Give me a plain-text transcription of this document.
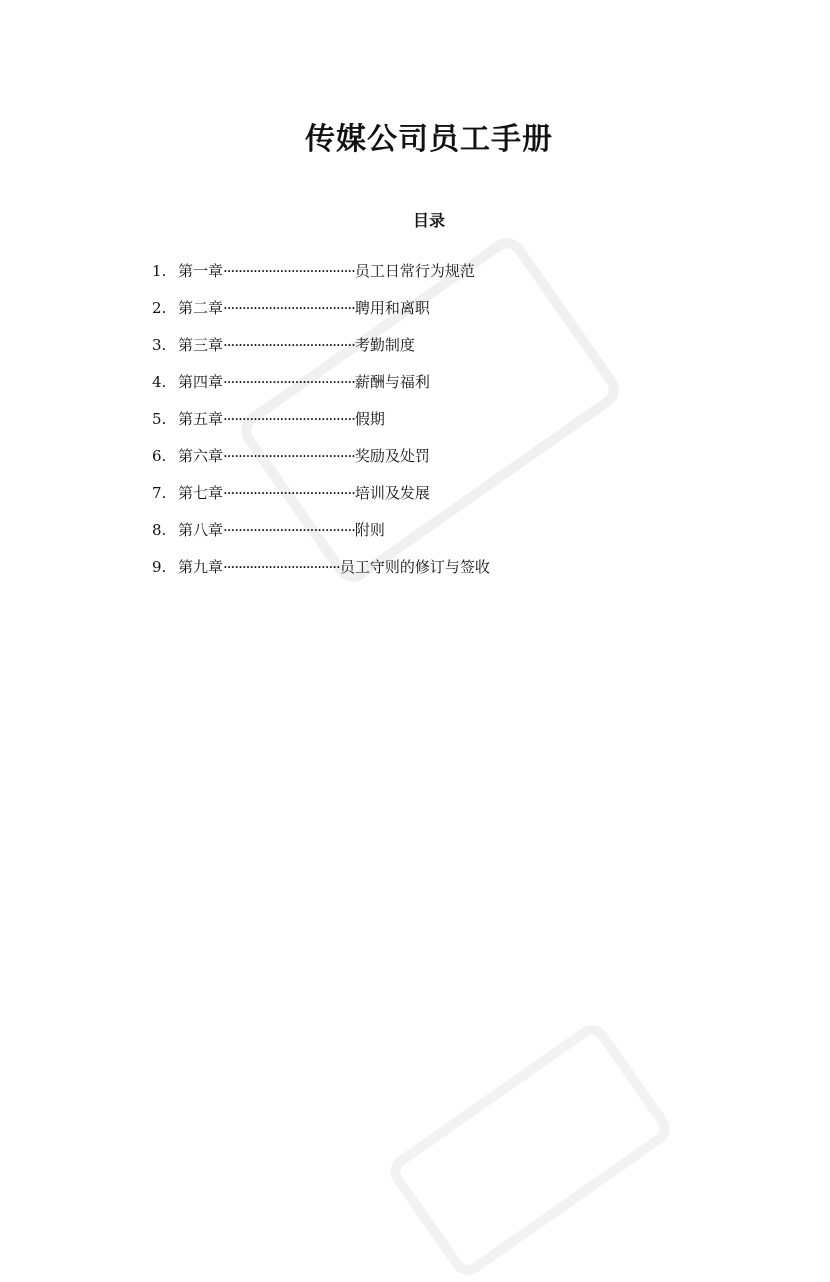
传媒公司员工手册
目录
1. 第一章 ··································· 员工日常行为规范
2. 第二章 ··································· 聘用和离职
3. 第三章 ··································· 考勤制度
4. 第四章 ··································· 薪酬与福利
5. 第五章 ··································· 假期
6. 第六章 ··································· 奖励及处罚
7. 第七章 ··································· 培训及发展
8. 第八章 ··································· 附则
9. 第九章 ······························· 员工守则的修订与签收
